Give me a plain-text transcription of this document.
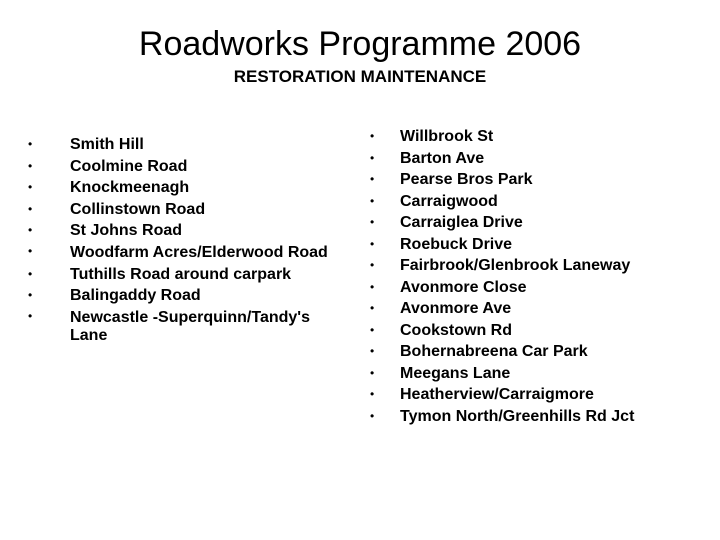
Roadworks Programme 2006
RESTORATION MAINTENANCE
•	Smith Hill
•	Coolmine Road
•	Knockmeenagh
•	Collinstown Road
•	St Johns Road
•	Woodfarm Acres/Elderwood Road
•	Tuthills Road around carpark
•	Balingaddy Road
•	Newcastle -Superquinn/Tandy's Lane
•	Willbrook St
•	Barton Ave
•	Pearse Bros Park
•	Carraigwood
•	Carraiglea Drive
•	Roebuck Drive
•	Fairbrook/Glenbrook Laneway
•	Avonmore Close
•	Avonmore Ave
•	Cookstown Rd
•	Bohernabreena Car Park
•	Meegans Lane
•	Heatherview/Carraigmore
•	Tymon North/Greenhills Rd Jct
